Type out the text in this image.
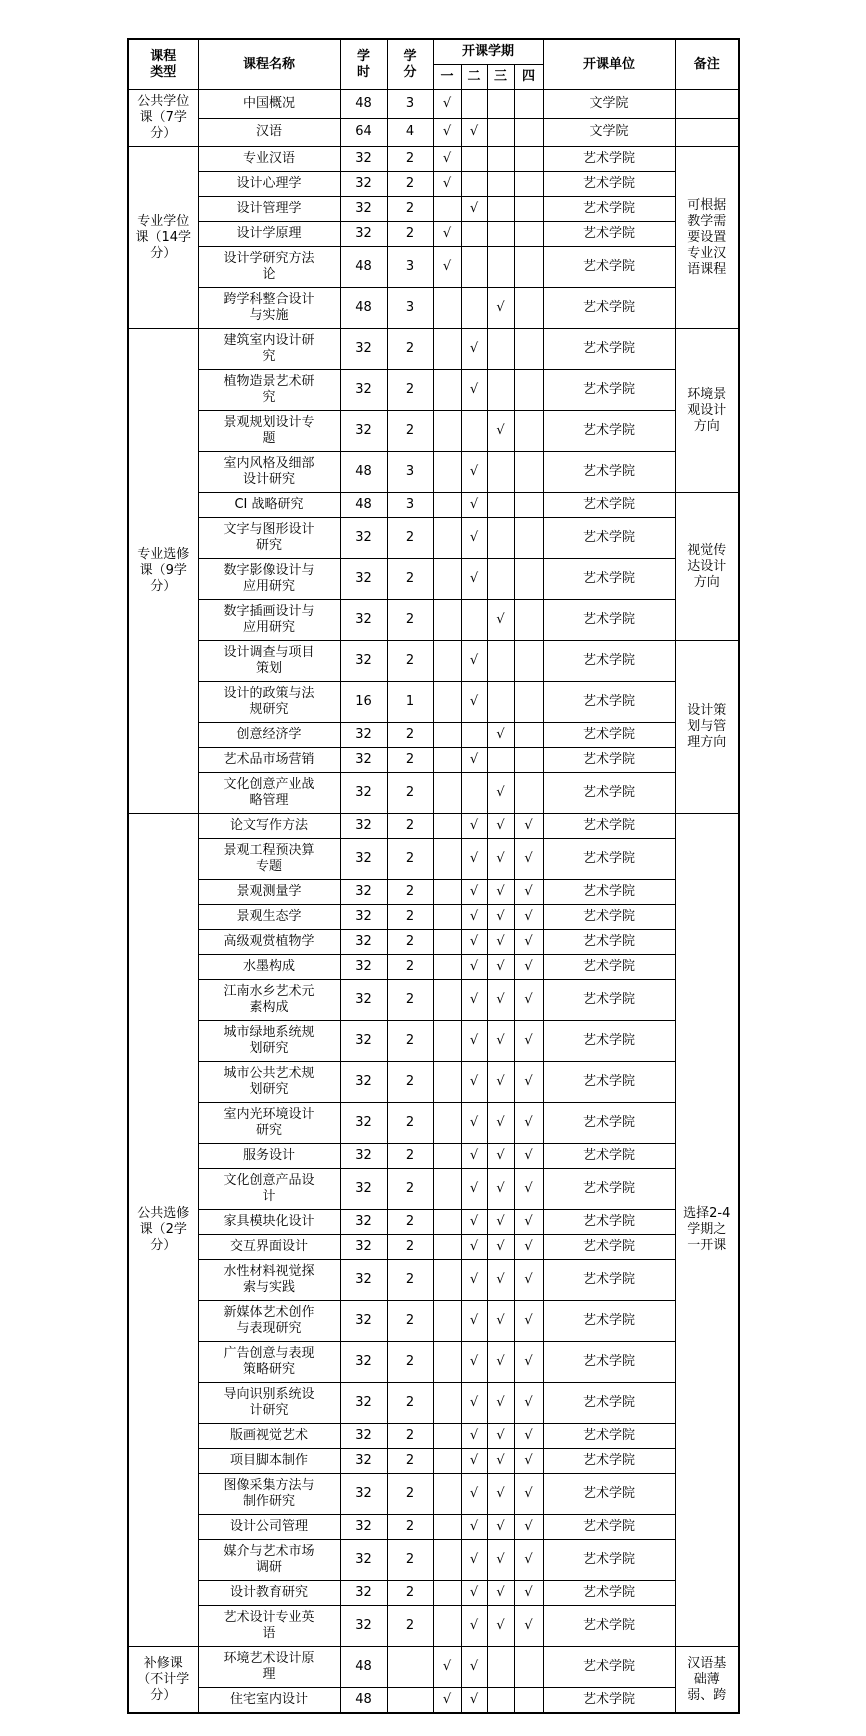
课程类型	课程名称	学时	学分	开课学期				开课单位	备注
				一	二	三	四		
公共学位课（7学分）	中国概况	48	3	√				文学院	
	汉语	64	4	√	√			文学院	
专业学位课（14学分）	专业汉语	32	2	√				艺术学院	可根据教学需要设置专业汉语课程
	设计心理学	32	2	√				艺术学院	
	设计管理学	32	2		√			艺术学院	
	设计学原理	32	2	√				艺术学院	
	设计学研究方法论	48	3	√				艺术学院	
	跨学科整合设计与实施	48	3			√		艺术学院	
专业选修课（9学分）	建筑室内设计研究	32	2		√			艺术学院	环境景观设计方向
	植物造景艺术研究	32	2		√			艺术学院	
	景观规划设计专题	32	2			√		艺术学院	
	室内风格及细部设计研究	48	3		√			艺术学院	
	CI 战略研究	48	3		√			艺术学院	视觉传达设计方向
	文字与图形设计研究	32	2		√			艺术学院	
	数字影像设计与应用研究	32	2		√			艺术学院	
	数字插画设计与应用研究	32	2			√		艺术学院	
	设计调查与项目策划	32	2		√			艺术学院	设计策划与管理方向
	设计的政策与法规研究	16	1		√			艺术学院	
	创意经济学	32	2			√		艺术学院	
	艺术品市场营销	32	2		√			艺术学院	
	文化创意产业战略管理	32	2			√		艺术学院	
公共选修课（2学分）	论文写作方法	32	2		√	√	√	艺术学院	选择2-4学期之一开课
	景观工程预决算专题	32	2		√	√	√	艺术学院	
	景观测量学	32	2		√	√	√	艺术学院	
	景观生态学	32	2		√	√	√	艺术学院	
	高级观赏植物学	32	2		√	√	√	艺术学院	
	水墨构成	32	2		√	√	√	艺术学院	
	江南水乡艺术元素构成	32	2		√	√	√	艺术学院	
	城市绿地系统规划研究	32	2		√	√	√	艺术学院	
	城市公共艺术规划研究	32	2		√	√	√	艺术学院	
	室内光环境设计研究	32	2		√	√	√	艺术学院	
	服务设计	32	2		√	√	√	艺术学院	
	文化创意产品设计	32	2		√	√	√	艺术学院	
	家具模块化设计	32	2		√	√	√	艺术学院	
	交互界面设计	32	2		√	√	√	艺术学院	
	水性材料视觉探索与实践	32	2		√	√	√	艺术学院	
	新媒体艺术创作与表现研究	32	2		√	√	√	艺术学院	
	广告创意与表现策略研究	32	2		√	√	√	艺术学院	
	导向识别系统设计研究	32	2		√	√	√	艺术学院	
	版画视觉艺术	32	2		√	√	√	艺术学院	
	项目脚本制作	32	2		√	√	√	艺术学院	
	图像采集方法与制作研究	32	2		√	√	√	艺术学院	
	设计公司管理	32	2		√	√	√	艺术学院	
	媒介与艺术市场调研	32	2		√	√	√	艺术学院	
	设计教育研究	32	2		√	√	√	艺术学院	
	艺术设计专业英语	32	2		√	√	√	艺术学院	
补修课（不计学分）	环境艺术设计原理	48		√	√			艺术学院	汉语基础薄弱、跨
	住宅室内设计	48		√	√			艺术学院	
